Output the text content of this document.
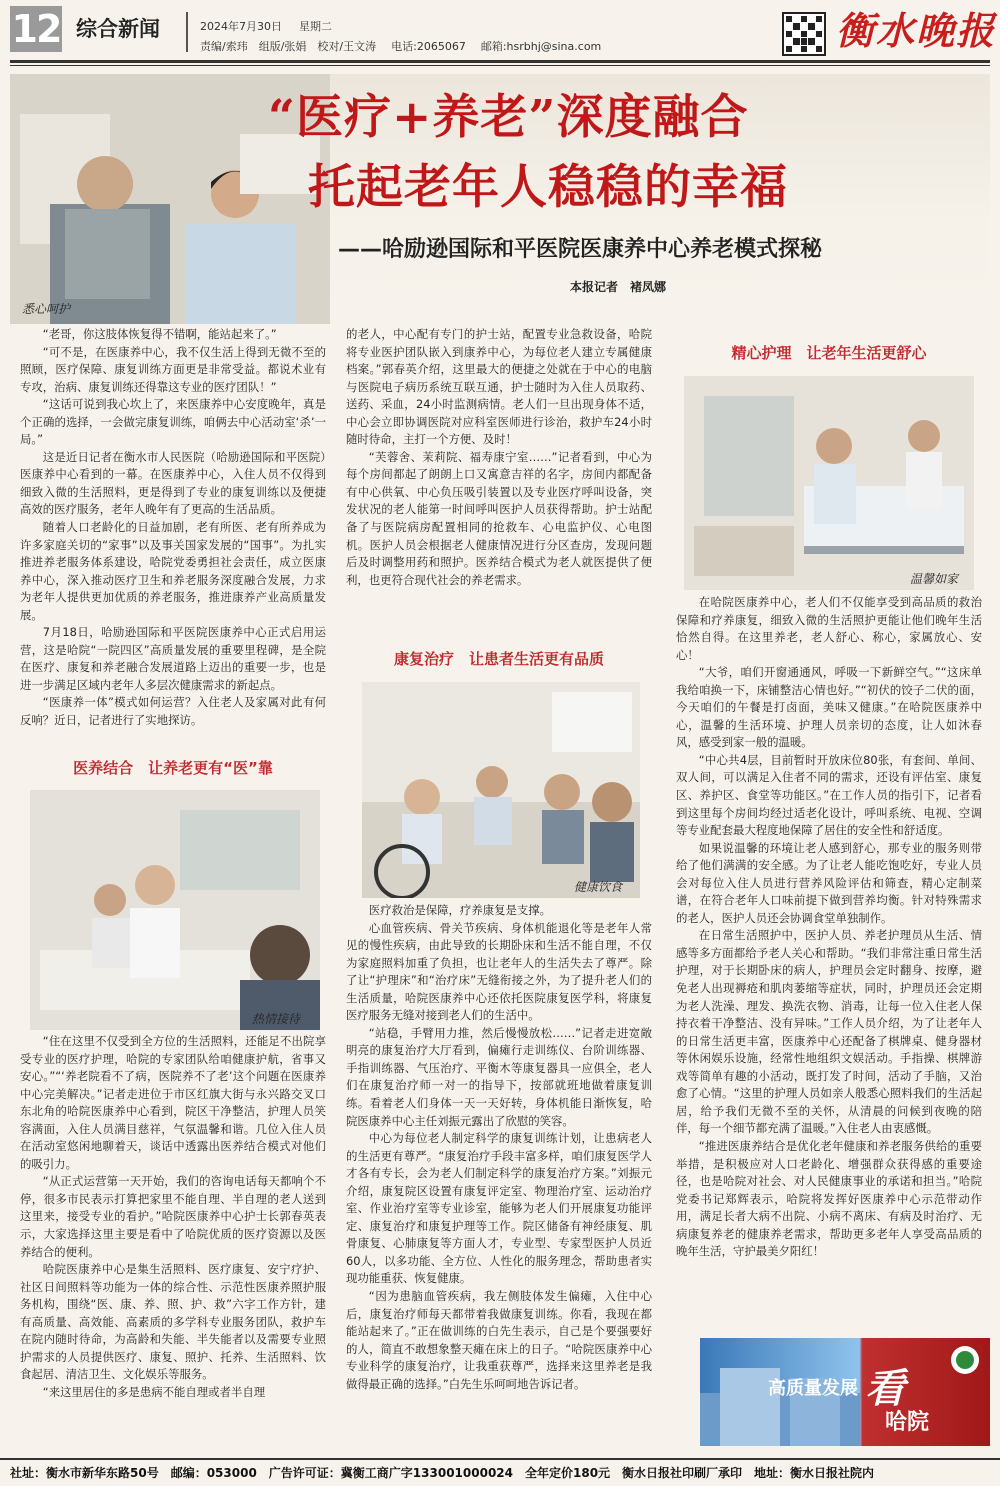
12 综合新闻	2024年7月30日 星期二
责编/索玮　组版/张娟　校对/王文涛 电话:2065067 邮箱:hsrbhj@sina.com	衡水晚报
悉心呵护
“医疗+养老”深度融合
托起老年人稳稳的幸福
——哈励逊国际和平医院医康养中心养老模式探秘
本报记者　褚凤娜

“老哥，你这肢体恢复得不错啊，能站起来了。”

“可不是，在医康养中心，我不仅生活上得到无微不至的照顾，医疗保障、康复训练方面更是非常受益。都说术业有专攻，治病、康复训练还得靠这专业的医疗团队！”

“这话可说到我心坎上了，来医康养中心安度晚年，真是个正确的选择，一会做完康复训练，咱俩去中心活动室‘杀’一局。”

这是近日记者在衡水市人民医院（哈励逊国际和平医院）医康养中心看到的一幕。在医康养中心，入住人员不仅得到细致入微的生活照料，更是得到了专业的康复训练以及便捷高效的医疗服务，老年人晚年有了更高的生活品质。

随着人口老龄化的日益加剧，老有所医、老有所养成为许多家庭关切的“家事”以及事关国家发展的“国事”。为扎实推进养老服务体系建设，哈院党委勇担社会责任，成立医康养中心，深入推动医疗卫生和养老服务深度融合发展，力求为老年人提供更加优质的养老服务，推进康养产业高质量发展。

7月18日，哈励逊国际和平医院医康养中心正式启用运营，这是哈院“一院四区”高质量发展的重要里程碑，是全院在医疗、康复和养老融合发展道路上迈出的重要一步，也是进一步满足区域内老年人多层次健康需求的新起点。

“医康养一体”模式如何运营？入住老人及家属对此有何反响？近日，记者进行了实地探访。

医养结合　让养老更有“医”靠
热情接待

“住在这里不仅受到全方位的生活照料，还能足不出院享受专业的医疗护理，哈院的专家团队给咱健康护航，省事又安心。”“‘养老院看不了病，医院养不了老’这个问题在医康养中心完美解决。”记者走进位于市区红旗大街与永兴路交叉口东北角的哈院医康养中心看到，院区干净整洁，护理人员笑容满面，入住人员满目慈祥，气氛温馨和谐。几位入住人员在活动室悠闲地聊着天，谈话中透露出医养结合模式对他们的吸引力。

“从正式运营第一天开始，我们的咨询电话每天都响个不停，很多市民表示打算把家里不能自理、半自理的老人送到这里来，接受专业的看护。”哈院医康养中心护士长郭春英表示，大家选择这里主要是看中了哈院优质的医疗资源以及医养结合的便利。

哈院医康养中心是集生活照料、医疗康复、安宁疗护、社区日间照料等功能为一体的综合性、示范性医康养照护服务机构，围绕“医、康、养、照、护、救”六字工作方针，建有高质量、高效能、高素质的多学科专业服务团队，救护车在院内随时待命，为高龄和失能、半失能者以及需要专业照护需求的人员提供医疗、康复、照护、托养、生活照料、饮食起居、清洁卫生、文化娱乐等服务。

“来这里居住的多是患病不能自理或者半自理

的老人，中心配有专门的护士站，配置专业急救设备，哈院将专业医护团队嵌入到康养中心，为每位老人建立专属健康档案。”郭春英介绍，这里最大的便捷之处就在于中心的电脑与医院电子病历系统互联互通，护士随时为入住人员取药、送药、采血，24小时监测病情。老人们一旦出现身体不适，中心会立即协调医院对应科室医师进行诊治，救护车24小时随时待命，主打一个方便、及时！

“芙蓉舍、茉莉院、福寿康宁室……”记者看到，中心为每个房间都起了朗朗上口又寓意吉祥的名字，房间内都配备有中心供氧、中心负压吸引装置以及专业医疗呼叫设备，突发状况的老人能第一时间呼叫医护人员获得帮助。护士站配备了与医院病房配置相同的抢救车、心电监护仪、心电图机。医护人员会根据老人健康情况进行分区查房，发现问题后及时调整用药和照护。医养结合模式为老人就医提供了便利，也更符合现代社会的养老需求。

康复治疗　让患者生活更有品质
健康饮食

医疗救治是保障，疗养康复是支撑。

心血管疾病、骨关节疾病、身体机能退化等是老年人常见的慢性疾病，由此导致的长期卧床和生活不能自理，不仅为家庭照料加重了负担，也让老年人的生活失去了尊严。除了让“护理床”和“治疗床”无缝衔接之外，为了提升老人们的生活质量，哈院医康养中心还依托医院康复医学科，将康复医疗服务无缝对接到老人们的生活中。

“站稳，手臂用力推，然后慢慢放松……”记者走进宽敞明亮的康复治疗大厅看到，偏瘫行走训练仪、台阶训练器、手指训练器、气压治疗、平衡木等康复器具一应俱全，老人们在康复治疗师一对一的指导下，按部就班地做着康复训练。看着老人们身体一天一天好转，身体机能日渐恢复，哈院医康养中心主任刘振元露出了欣慰的笑容。

中心为每位老人制定科学的康复训练计划，让患病老人的生活更有尊严。“康复治疗手段丰富多样，咱们康复医学人才各有专长，会为老人们制定科学的康复治疗方案。”刘振元介绍，康复院区设置有康复评定室、物理治疗室、运动治疗室、作业治疗室等专业诊室，能够为老人们开展康复功能评定、康复治疗和康复护理等工作。院区储备有神经康复、肌骨康复、心肺康复等方面人才，专业型、专家型医护人员近60人，以多功能、全方位、人性化的服务理念，帮助患者实现功能重获、恢复健康。

“因为患脑血管疾病，我左侧肢体发生偏瘫，入住中心后，康复治疗师每天都带着我做康复训练。你看，我现在都能站起来了。”正在做训练的白先生表示，自己是个要强要好的人，简直不敢想象整天瘫在床上的日子。“哈院医康养中心专业科学的康复治疗，让我重获尊严，选择来这里养老是我做得最正确的选择。”白先生乐呵呵地告诉记者。

精心护理　让老年生活更舒心
温馨如家

在哈院医康养中心，老人们不仅能享受到高品质的救治保障和疗养康复，细致入微的生活照护更能让他们晚年生活恰然自得。在这里养老，老人舒心、称心，家属放心、安心！

“大爷，咱们开窗通通风，呼吸一下新鲜空气。”“这床单我给咱换一下，床铺整洁心情也好。”“初伏的饺子二伏的面，今天咱们的午餐是打卤面，美味又健康。”在哈院医康养中心，温馨的生活环境、护理人员亲切的态度，让人如沐春风，感受到家一般的温暖。

“中心共4层，目前暂时开放床位80张，有套间、单间、双人间，可以满足入住者不同的需求，还设有评估室、康复区、养护区、食堂等功能区。”在工作人员的指引下，记者看到这里每个房间均经过适老化设计，呼叫系统、电视、空调等专业配套最大程度地保障了居住的安全性和舒适度。

如果说温馨的环境让老人感到舒心，那专业的服务则带给了他们满满的安全感。为了让老人能吃饱吃好，专业人员会对每位入住人员进行营养风险评估和筛查，精心定制菜谱，在符合老年人口味前提下做到营养均衡。针对特殊需求的老人，医护人员还会协调食堂单独制作。

在日常生活照护中，医护人员、养老护理员从生活、情感等多方面都给予老人关心和帮助。“我们非常注重日常生活护理，对于长期卧床的病人，护理员会定时翻身、按摩，避免老人出现褥疮和肌肉萎缩等症状，同时，护理员还会定期为老人洗澡、理发、换洗衣物、消毒，让每一位入住老人保持衣着干净整洁、没有异味。”工作人员介绍，为了让老年人的日常生活更丰富，医康养中心还配备了棋牌桌、健身器材等休闲娱乐设施，经常性地组织文娱活动。手指操、棋牌游戏等简单有趣的小活动，既打发了时间，活动了手脑，又治愈了心情。“这里的护理人员如亲人般悉心照料我们的生活起居，给予我们无微不至的关怀，从清晨的问候到夜晚的陪伴，每一个细节都充满了温暖。”入住老人由衷感慨。

“推进医康养结合是优化老年健康和养老服务供给的重要举措，是积极应对人口老龄化、增强群众获得感的重要途径，也是哈院对社会、对人民健康事业的承诺和担当。”哈院党委书记郑辉表示，哈院将发挥好医康养中心示范带动作用，满足长者大病不出院、小病不离床、有病及时治疗、无病康复养老的健康养老需求，帮助更多老年人享受高品质的晚年生活，守护最美夕阳红！

高质量发展 看
哈院
社址：衡水市新华东路50号　邮编：053000　广告许可证：冀衡工商广字133001000024　全年定价180元　衡水日报社印刷厂承印　地址：衡水日报社院内
